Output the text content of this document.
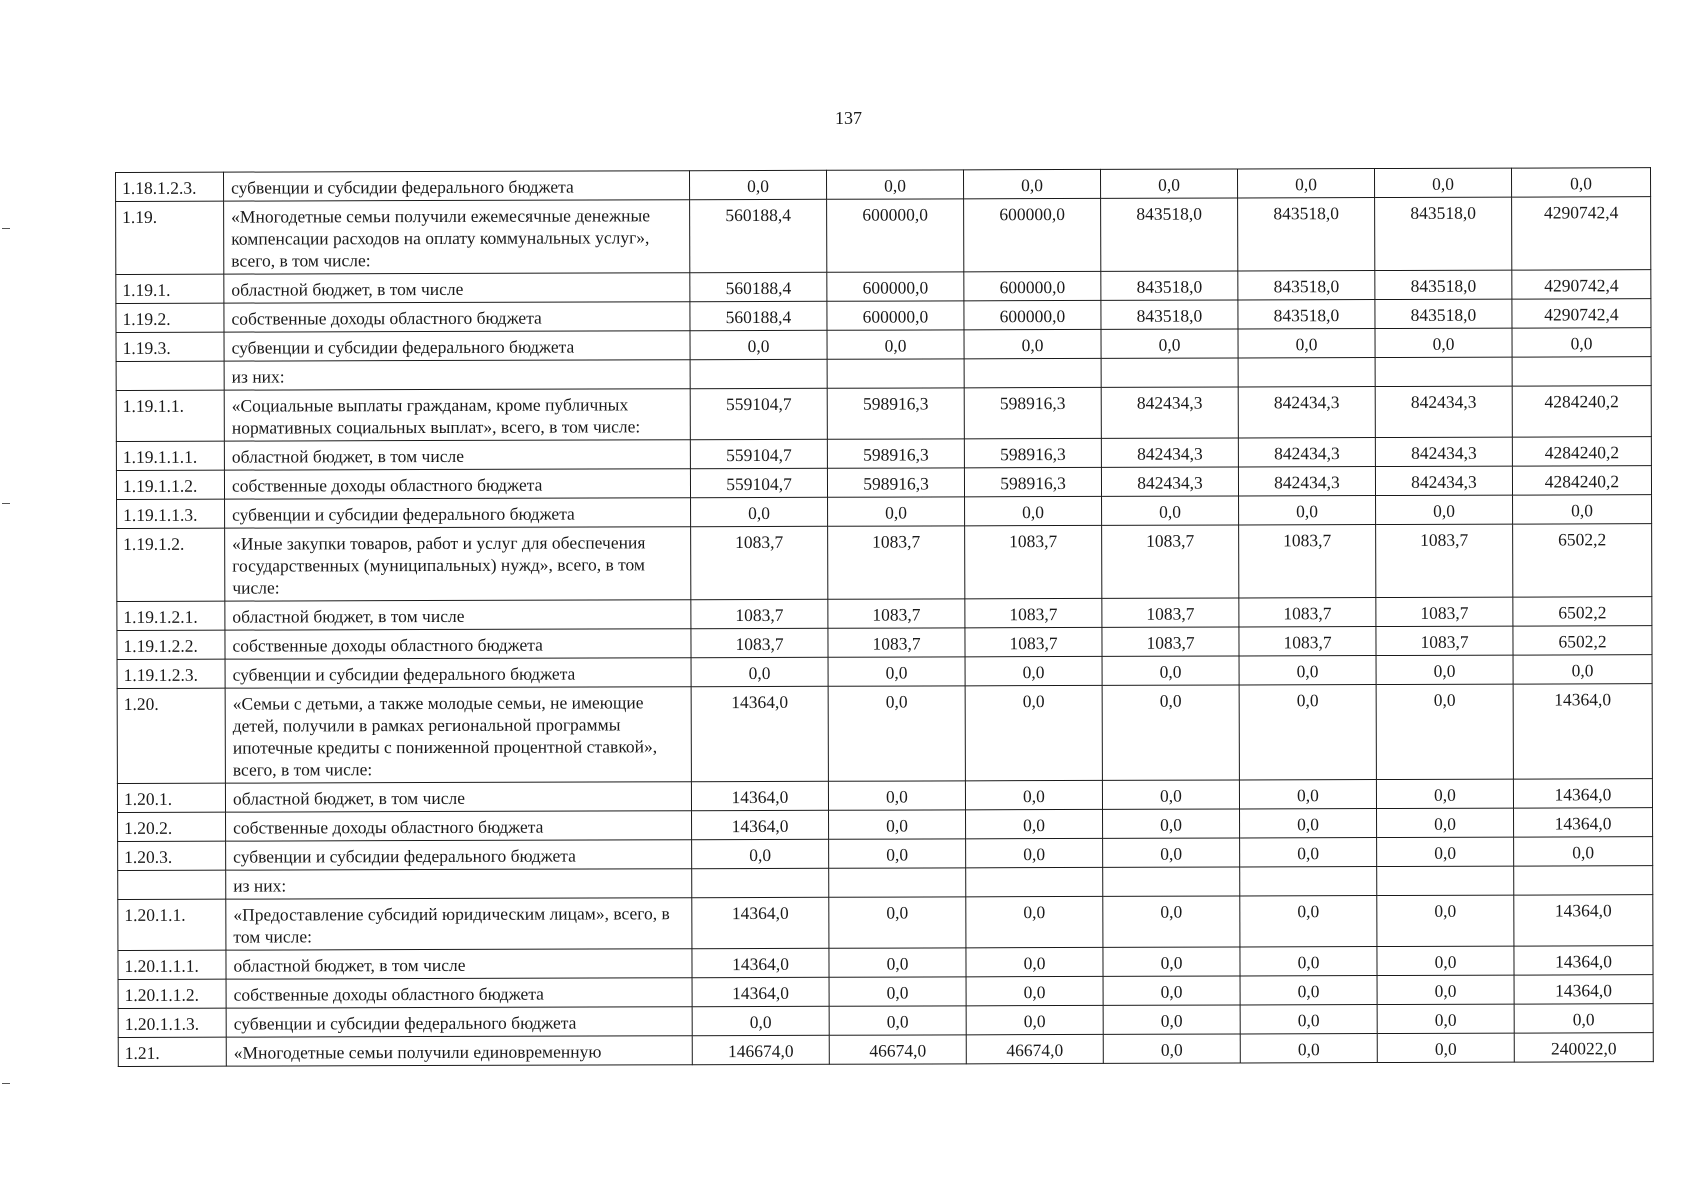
137
1.18.1.2.3.	субвенции и субсидии федерального бюджета	0,0	0,0	0,0	0,0	0,0	0,0	0,0
1.19.	«Многодетные семьи получили ежемесячные денежные компенсации расходов на оплату коммунальных услуг», всего, в том числе:	560188,4	600000,0	600000,0	843518,0	843518,0	843518,0	4290742,4
1.19.1.	областной бюджет, в том числе	560188,4	600000,0	600000,0	843518,0	843518,0	843518,0	4290742,4
1.19.2.	собственные доходы областного бюджета	560188,4	600000,0	600000,0	843518,0	843518,0	843518,0	4290742,4
1.19.3.	субвенции и субсидии федерального бюджета	0,0	0,0	0,0	0,0	0,0	0,0	0,0
	из них:							
1.19.1.1.	«Социальные выплаты гражданам, кроме публичных нормативных социальных выплат», всего, в том числе:	559104,7	598916,3	598916,3	842434,3	842434,3	842434,3	4284240,2
1.19.1.1.1.	областной бюджет, в том числе	559104,7	598916,3	598916,3	842434,3	842434,3	842434,3	4284240,2
1.19.1.1.2.	собственные доходы областного бюджета	559104,7	598916,3	598916,3	842434,3	842434,3	842434,3	4284240,2
1.19.1.1.3.	субвенции и субсидии федерального бюджета	0,0	0,0	0,0	0,0	0,0	0,0	0,0
1.19.1.2.	«Иные закупки товаров, работ и услуг для обеспечения государственных (муниципальных) нужд», всего, в том числе:	1083,7	1083,7	1083,7	1083,7	1083,7	1083,7	6502,2
1.19.1.2.1.	областной бюджет, в том числе	1083,7	1083,7	1083,7	1083,7	1083,7	1083,7	6502,2
1.19.1.2.2.	собственные доходы областного бюджета	1083,7	1083,7	1083,7	1083,7	1083,7	1083,7	6502,2
1.19.1.2.3.	субвенции и субсидии федерального бюджета	0,0	0,0	0,0	0,0	0,0	0,0	0,0
1.20.	«Семьи с детьми, а также молодые семьи, не имеющие детей, получили в рамках региональной программы ипотечные кредиты с пониженной процентной ставкой», всего, в том числе:	14364,0	0,0	0,0	0,0	0,0	0,0	14364,0
1.20.1.	областной бюджет, в том числе	14364,0	0,0	0,0	0,0	0,0	0,0	14364,0
1.20.2.	собственные доходы областного бюджета	14364,0	0,0	0,0	0,0	0,0	0,0	14364,0
1.20.3.	субвенции и субсидии федерального бюджета	0,0	0,0	0,0	0,0	0,0	0,0	0,0
	из них:							
1.20.1.1.	«Предоставление субсидий юридическим лицам», всего, в том числе:	14364,0	0,0	0,0	0,0	0,0	0,0	14364,0
1.20.1.1.1.	областной бюджет, в том числе	14364,0	0,0	0,0	0,0	0,0	0,0	14364,0
1.20.1.1.2.	собственные доходы областного бюджета	14364,0	0,0	0,0	0,0	0,0	0,0	14364,0
1.20.1.1.3.	субвенции и субсидии федерального бюджета	0,0	0,0	0,0	0,0	0,0	0,0	0,0
1.21.	«Многодетные семьи получили единовременную	146674,0	46674,0	46674,0	0,0	0,0	0,0	240022,0
